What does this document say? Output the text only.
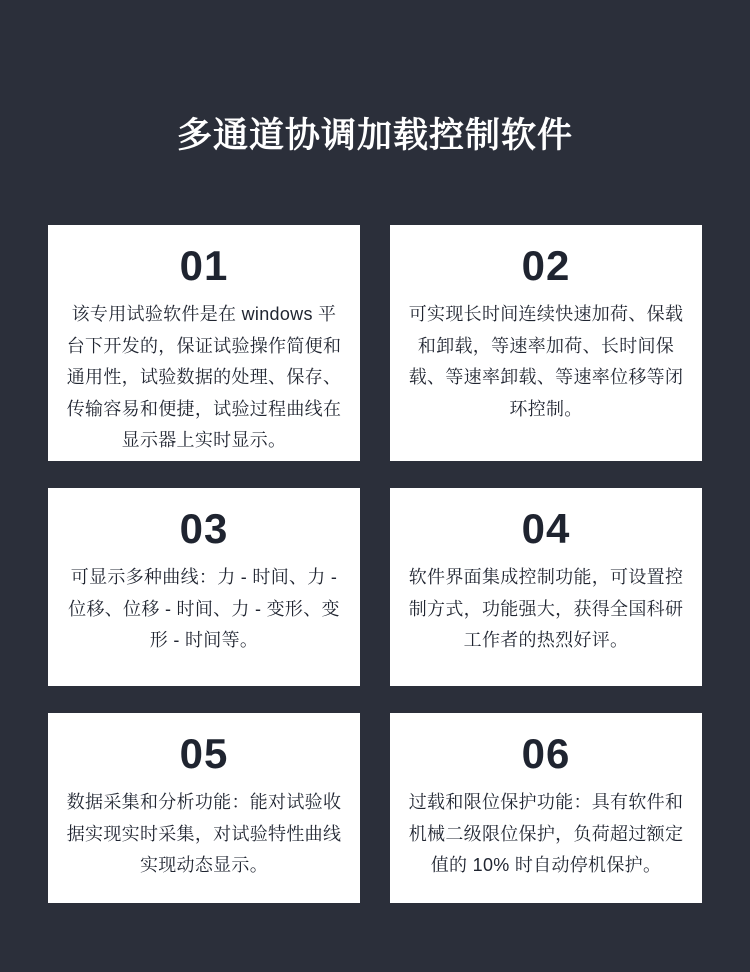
多通道协调加载控制软件
01
该专用试验软件是在 windows 平台下开发的，保证试验操作简便和通用性，试验数据的处理、保存、传输容易和便捷，试验过程曲线在显示器上实时显示。
02
可实现长时间连续快速加荷、保载和卸载，等速率加荷、长时间保载、等速率卸载、等速率位移等闭环控制。
03
可显示多种曲线：力 - 时间、力 - 位移、位移 - 时间、力 - 变形、变形 - 时间等。
04
软件界面集成控制功能，可设置控制方式，功能强大，获得全国科研工作者的热烈好评。
05
数据采集和分析功能：能对试验收据实现实时采集，对试验特性曲线实现动态显示。
06
过载和限位保护功能：具有软件和机械二级限位保护，负荷超过额定值的 10% 时自动停机保护。
